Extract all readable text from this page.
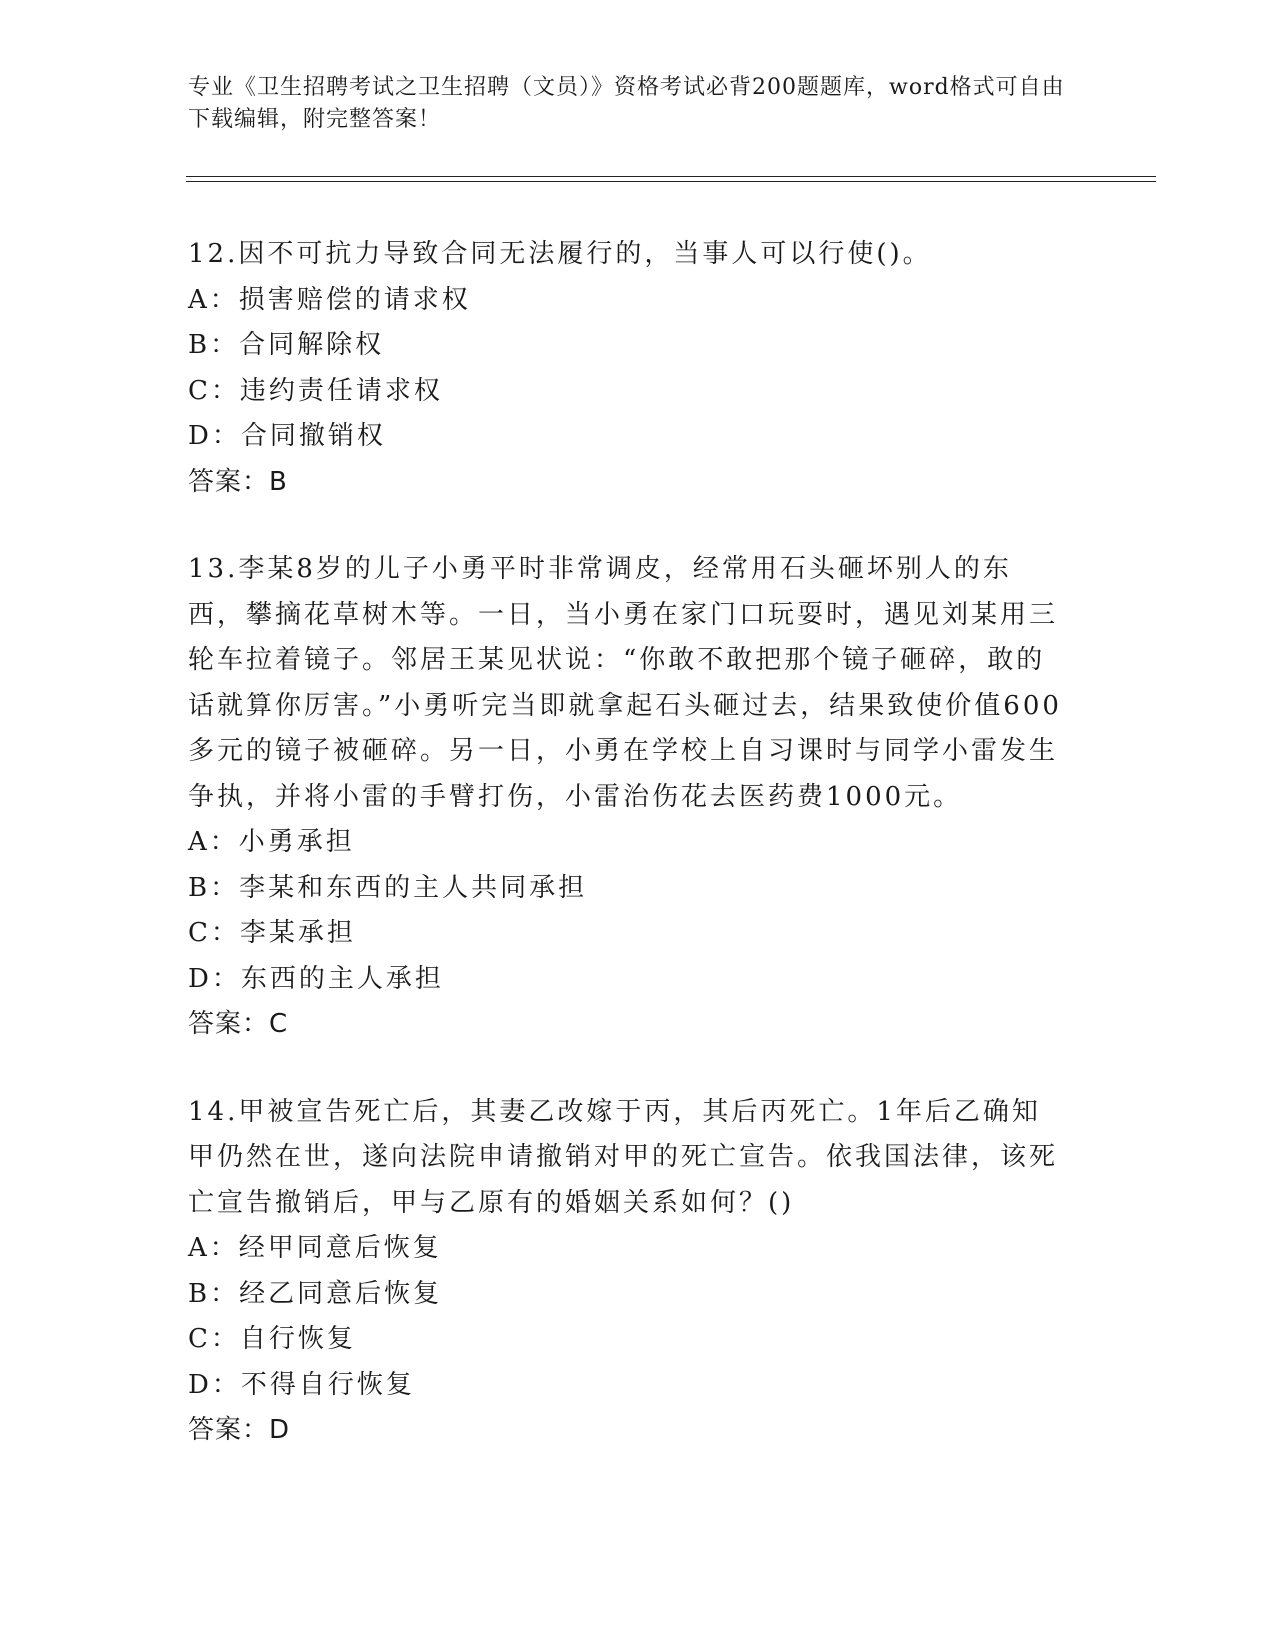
专业《卫生招聘考试之卫生招聘（文员）》资格考试必背200题题库，word格式可自由下载编辑，附完整答案！
12.因不可抗力导致合同无法履行的，当事人可以行使()。
A：损害赔偿的请求权
B：合同解除权
C：违约责任请求权
D：合同撤销权
答案：B
13.李某8岁的儿子小勇平时非常调皮，经常用石头砸坏别人的东西，攀摘花草树木等。一日，当小勇在家门口玩耍时，遇见刘某用三轮车拉着镜子。邻居王某见状说：“你敢不敢把那个镜子砸碎，敢的话就算你厉害。”小勇听完当即就拿起石头砸过去，结果致使价值600多元的镜子被砸碎。另一日，小勇在学校上自习课时与同学小雷发生争执，并将小雷的手臂打伤，小雷治伤花去医药费1000元。
A：小勇承担
B：李某和东西的主人共同承担
C：李某承担
D：东西的主人承担
答案：C
14.甲被宣告死亡后，其妻乙改嫁于丙，其后丙死亡。1年后乙确知甲仍然在世，遂向法院申请撤销对甲的死亡宣告。依我国法律，该死亡宣告撤销后，甲与乙原有的婚姻关系如何？()
A：经甲同意后恢复
B：经乙同意后恢复
C：自行恢复
D：不得自行恢复
答案：D
